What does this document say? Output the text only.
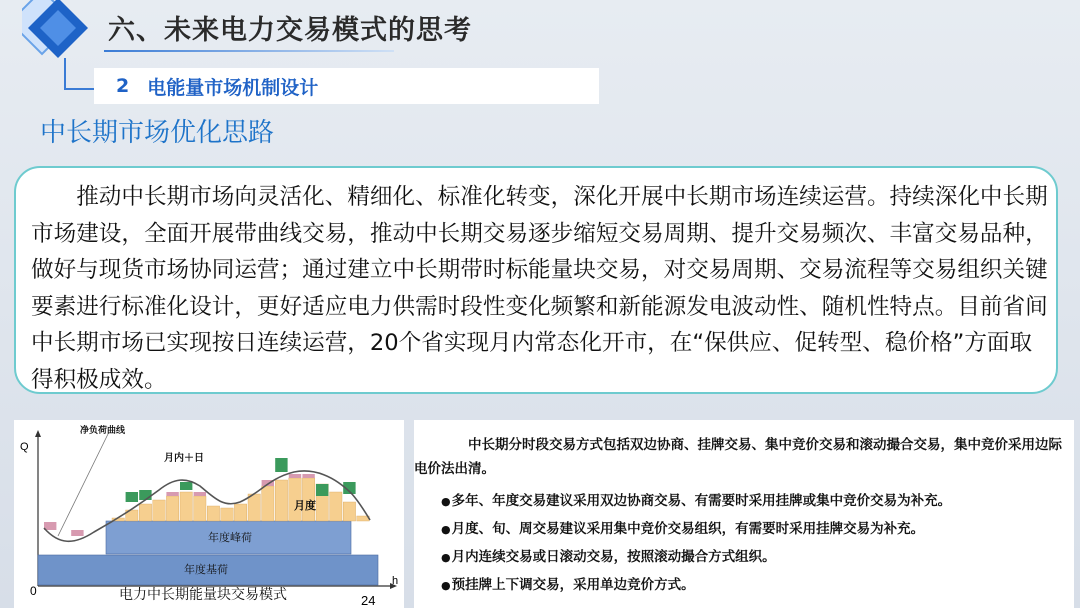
六、未来电力交易模式的思考
2 电能量市场机制设计
中长期市场优化思路

推动中长期市场向灵活化、精细化、标准化转变，深化开展中长期市场连续运营。持续深化中长期市场建设，全面开展带曲线交易，推动中长期交易逐步缩短交易周期、提升交易频次、丰富交易品种，做好与现货市场协同运营；通过建立中长期带时标能量块交易，对交易周期、交易流程等交易组织关键要素进行标准化设计，更好适应电力供需时段性变化频繁和新能源发电波动性、随机性特点。目前省间中长期市场已实现按日连续运营，20个省实现月内常态化开市，在“保供应、促转型、稳价格”方面取得积极成效。

Q
h
0
24
年度基荷
年度峰荷
净负荷曲线
月内＋日
月度
电力中长期能量块交易模式

中长期分时段交易方式包括双边协商、挂牌交易、集中竞价交易和滚动撮合交易，集中竞价采用边际电价法出清。

● 多年、年度交易建议采用双边协商交易、有需要时采用挂牌或集中竞价交易为补充。
● 月度、旬、周交易建议采用集中竞价交易组织，有需要时采用挂牌交易为补充。
● 月内连续交易或日滚动交易，按照滚动撮合方式组织。
● 预挂牌上下调交易，采用单边竞价方式。
